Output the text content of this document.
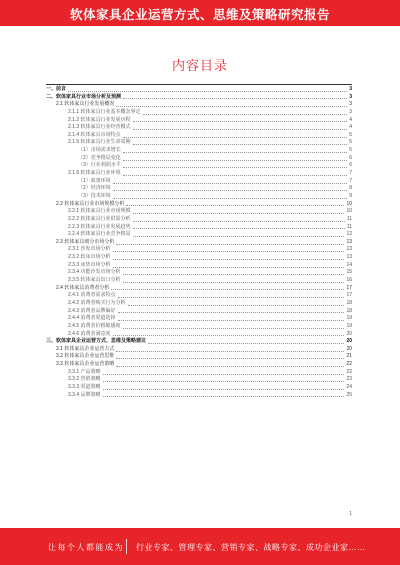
软体家具企业运营方式、思维及策略研究报告
内容目录
一、前言	3
二、软体家具行业市场分析及预测	3
2.1 软体家具行业发展概况	3
2.1.1 软体家具行业基本概念界定	3
2.1.2 软体家具行业发展历程	4
2.1.3 软体家具行业经营模式	4
2.1.4 软体家具市场特点	5
2.1.5 软体家具行业生命周期	5
（1）市场需求增长	5
（2）竞争格局变化	6
（3）行业利润水平	6
2.1.6 软体家具行业环境	7
（1）政策环境	7
（2）经济环境	8
（3）技术环境	9
2.2 软体家具行业市场规模分析	10
2.2.1 软体家具行业市场规模	10
2.2.2 软体家具行业供需分析	11
2.2.3 软体家具行业发展趋势	11
2.2.4 软体家具行业竞争格局	12
2.3 软体家具细分市场分析	13
2.3.1 沙发市场分析	13
2.3.2 软床市场分析	13
2.3.3 床垫市场分析	14
2.3.4 功能沙发市场分析	15
2.3.5 软体家具出口分析	16
2.4 软体家具消费者分析	17
2.4.1 消费者需求特点	17
2.4.2 消费者购买行为分析	18
2.4.3 消费者品牌偏好	18
2.4.4 消费者渠道选择	19
2.4.5 消费者价格敏感度	19
2.4.6 消费者满意度	20
三、软体家具企业运营方式、思维及策略建议	20
3.1 软体家具企业运营方式	20
3.2 软体家具企业运营思维	21
3.3 软体家具企业运营策略	22
3.3.1 产品策略	22
3.3.2 营销策略	23
3.3.3 渠道策略	24
3.3.4 品牌策略	25
1
让每个人都能成为 行业专家、管理专家、营销专家、战略专家、成功企业家……
